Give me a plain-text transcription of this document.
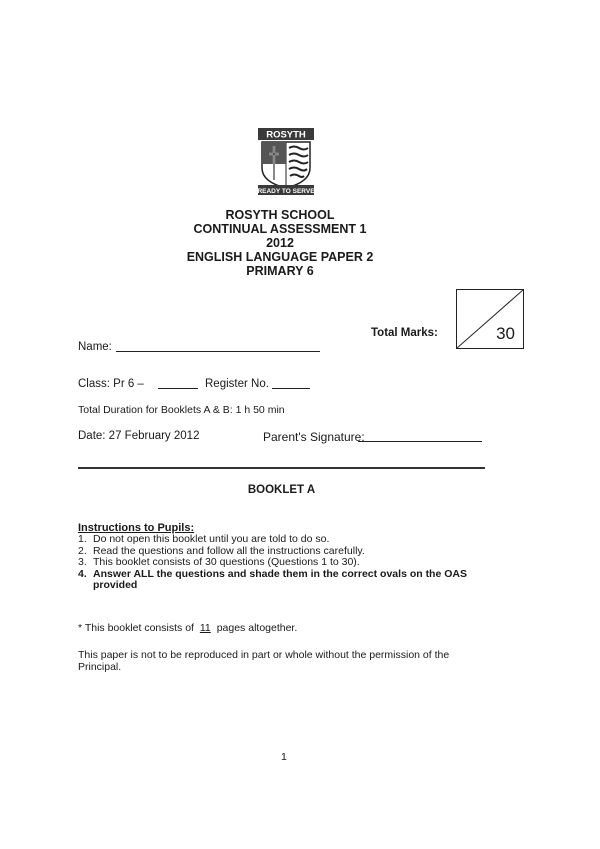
ROSYTH
READY TO SERVE
ROSYTH SCHOOL
CONTINUAL ASSESSMENT 1
2012
ENGLISH LANGUAGE PAPER 2
PRIMARY 6
Total Marks:	30
Name:
Class: Pr 6 –	Register No.
Total Duration for Booklets A & B: 1 h 50 min
Date: 27 February 2012	Parent's Signature:
BOOKLET A
Instructions to Pupils:
1. Do not open this booklet until you are told to do so.
2. Read the questions and follow all the instructions carefully.
3. This booklet consists of 30 questions (Questions 1 to 30).
4. Answer ALL the questions and shade them in the correct ovals on the OAS provided
* This booklet consists of 11 pages altogether.
This paper is not to be reproduced in part or whole without the permission of the Principal.
1
